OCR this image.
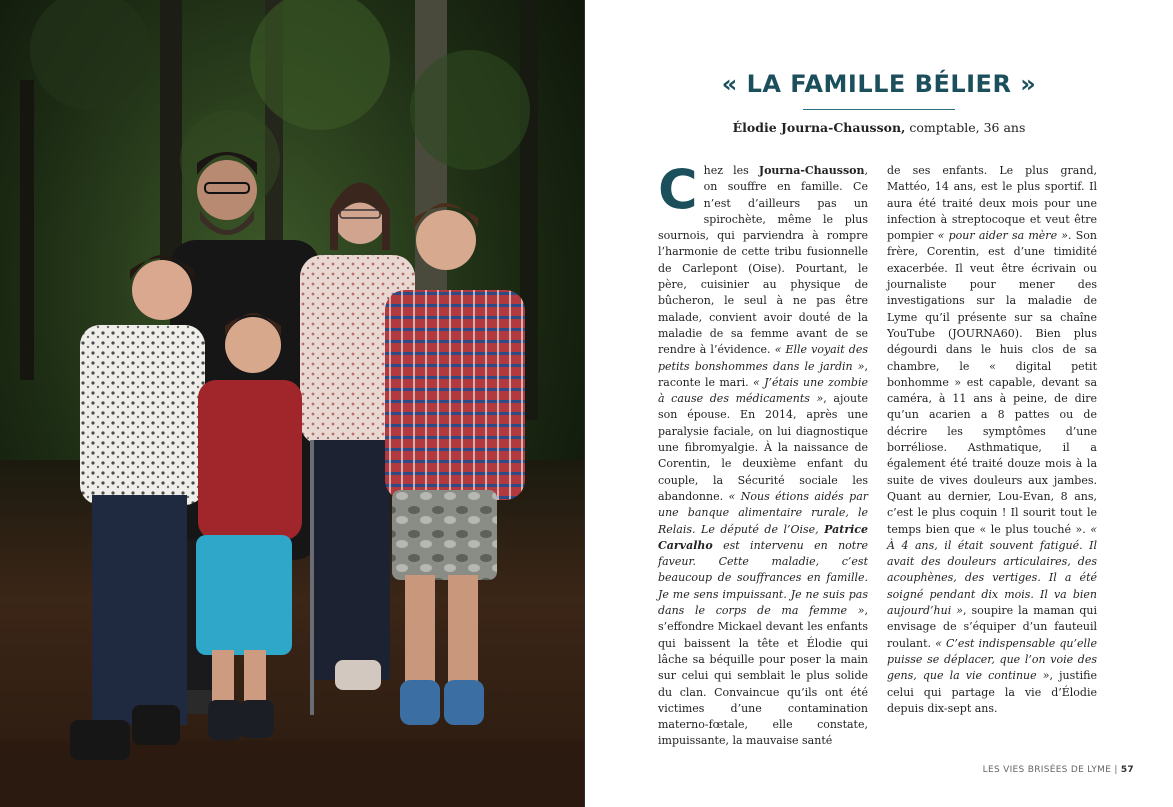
« LA FAMILLE BÉLIER »
Élodie Journa-Chausson, comptable, 36 ans

Chez les Journa-Chausson, on souffre en famille. Ce n’est d’ailleurs pas un spirochète, même le plus sournois, qui parviendra à rompre l’harmonie de cette tribu fusionnelle de Carlepont (Oise). Pourtant, le père, cuisinier au physique de bûcheron, le seul à ne pas être malade, convient avoir douté de la maladie de sa femme avant de se rendre à l’évidence. « Elle voyait des petits bonshommes dans le jardin », raconte le mari. « J’étais une zombie à cause des médicaments », ajoute son épouse. En 2014, après une paralysie faciale, on lui diagnostique une fibromyalgie. À la naissance de Corentin, le deuxième enfant du couple, la Sécurité sociale les abandonne. « Nous étions aidés par une banque alimentaire rurale, le Relais. Le député de l’Oise, Patrice Carvalho est intervenu en notre faveur. Cette maladie, c’est beaucoup de souffrances en famille. Je me sens impuissant. Je ne suis pas dans le corps de ma femme », s’effondre Mickael devant les enfants qui baissent la tête et Élodie qui lâche sa béquille pour poser la main sur celui qui semblait le plus solide du clan. Convaincue qu’ils ont été victimes d’une contamination materno-fœtale, elle constate, impuissante, la mauvaise santé

de ses enfants. Le plus grand, Mattéo, 14 ans, est le plus sportif. Il aura été traité deux mois pour une infection à streptocoque et veut être pompier « pour aider sa mère ». Son frère, Corentin, est d’une timidité exacerbée. Il veut être écrivain ou journaliste pour mener des investigations sur la maladie de Lyme qu’il présente sur sa chaîne YouTube (JOURNA60). Bien plus dégourdi dans le huis clos de sa chambre, le « digital petit bonhomme » est capable, devant sa caméra, à 11 ans à peine, de dire qu’un acarien a 8 pattes ou de décrire les symptômes d’une borréliose. Asthmatique, il a également été traité douze mois à la suite de vives douleurs aux jambes. Quant au dernier, Lou-Evan, 8 ans, c’est le plus coquin ! Il sourit tout le temps bien que « le plus touché ». « À 4 ans, il était souvent fatigué. Il avait des douleurs articulaires, des acouphènes, des vertiges. Il a été soigné pendant dix mois. Il va bien aujourd’hui », soupire la maman qui envisage de s’équiper d’un fauteuil roulant. « C’est indispensable qu’elle puisse se déplacer, que l’on voie des gens, que la vie continue », justifie celui qui partage la vie d’Élodie depuis dix-sept ans.

LES VIES BRISÉES DE LYME | 57
